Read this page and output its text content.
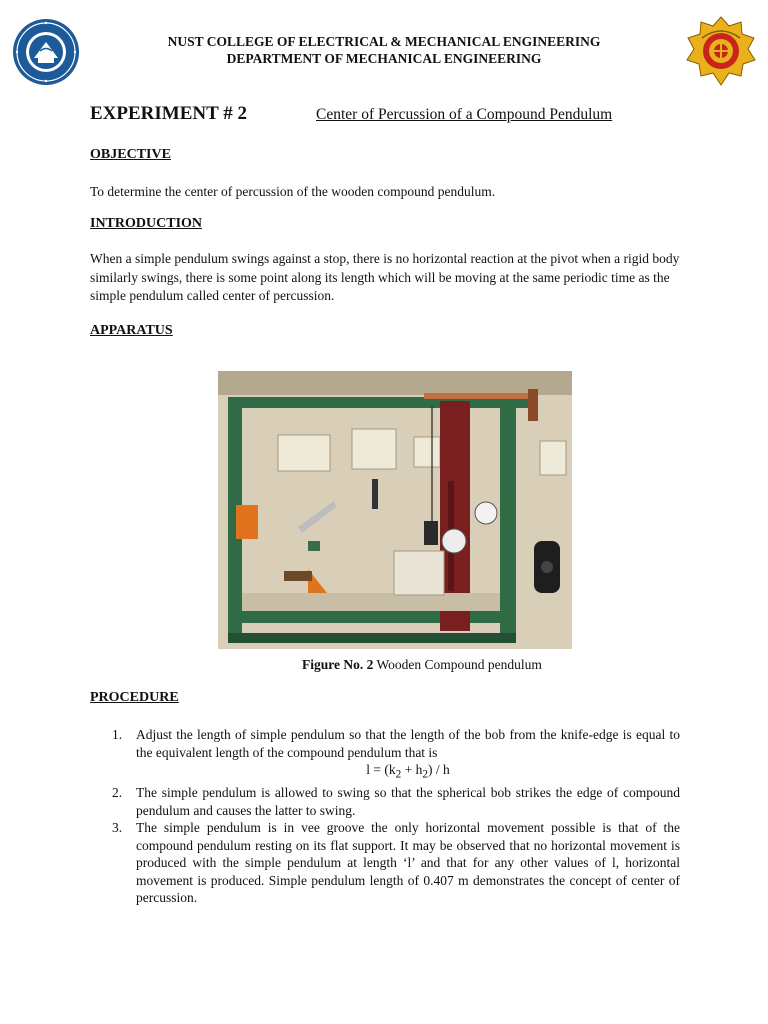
NUST COLLEGE OF ELECTRICAL & MECHANICAL ENGINEERING
DEPARTMENT OF MECHANICAL ENGINEERING
EXPERIMENT # 2	Center of Percussion of a Compound Pendulum
OBJECTIVE
To determine the center of percussion of the wooden compound pendulum.
INTRODUCTION
When a simple pendulum swings against a stop, there is no horizontal reaction at the pivot when a rigid body similarly swings, there is some point along its length which will be moving at the same periodic time as the simple pendulum called center of percussion.
APPARATUS
Figure No. 2 Wooden Compound pendulum
PROCEDURE
1. Adjust the length of simple pendulum so that the length of the bob from the knife-edge is equal to the equivalent length of the compound pendulum that is
$l = (k_2 + h_2) / h$
2. The simple pendulum is allowed to swing so that the spherical bob strikes the edge of compound pendulum and causes the latter to swing.
3. The simple pendulum is in vee groove the only horizontal movement possible is that of the compound pendulum resting on its flat support. It may be observed that no horizontal movement is produced with the simple pendulum at length ‘l’ and that for any other values of l, horizontal movement is produced. Simple pendulum length of 0.407 m demonstrates the concept of center of percussion.
